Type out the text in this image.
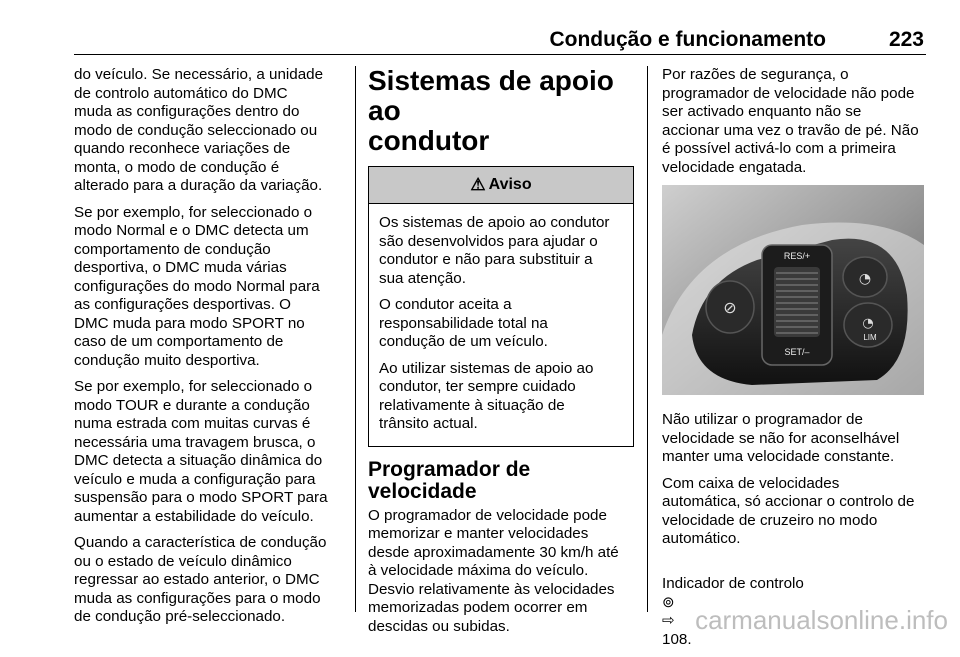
Condução e funcionamento	223

do veículo. Se necessário, a unidade
de controlo automático do DMC
muda as configurações dentro do
modo de condução seleccionado ou
quando reconhece variações de
monta, o modo de condução é
alterado para a duração da variação.

Se por exemplo, for seleccionado o
modo Normal e o DMC detecta um
comportamento de condução
desportiva, o DMC muda várias
configurações do modo Normal para
as configurações desportivas. O
DMC muda para modo SPORT no
caso de um comportamento de
condução muito desportiva.

Se por exemplo, for seleccionado o
modo TOUR e durante a condução
numa estrada com muitas curvas é
necessária uma travagem brusca, o
DMC detecta a situação dinâmica do
veículo e muda a configuração para
suspensão para o modo SPORT para
aumentar a estabilidade do veículo.

Quando a característica de condução
ou o estado de veículo dinâmico
regressar ao estado anterior, o DMC
muda as configurações para o modo
de condução pré-seleccionado.

Sistemas de apoio ao
condutor
⚠ Aviso

Os sistemas de apoio ao condutor
são desenvolvidos para ajudar o
condutor e não para substituir a
sua atenção.

O condutor aceita a
responsabilidade total na
condução de um veículo.

Ao utilizar sistemas de apoio ao
condutor, ter sempre cuidado
relativamente à situação de
trânsito actual.

Programador de velocidade

O programador de velocidade pode
memorizar e manter velocidades
desde aproximadamente 30 km/h até
à velocidade máxima do veículo.
Desvio relativamente às velocidades
memorizadas podem ocorrer em
descidas ou subidas.

Por razões de segurança, o
programador de velocidade não pode
ser activado enquanto não se
accionar uma vez o travão de pé. Não
é possível activá-lo com a primeira
velocidade engatada.

⊘
RES/+
SET/–
◔
◔
LIM

Não utilizar o programador de
velocidade se não for aconselhável
manter uma velocidade constante.

Com caixa de velocidades
automática, só accionar o controlo de
velocidade de cruzeiro no modo
automático.

Indicador de controlo
⊚
⇨
108.

carmanualsonline.info
